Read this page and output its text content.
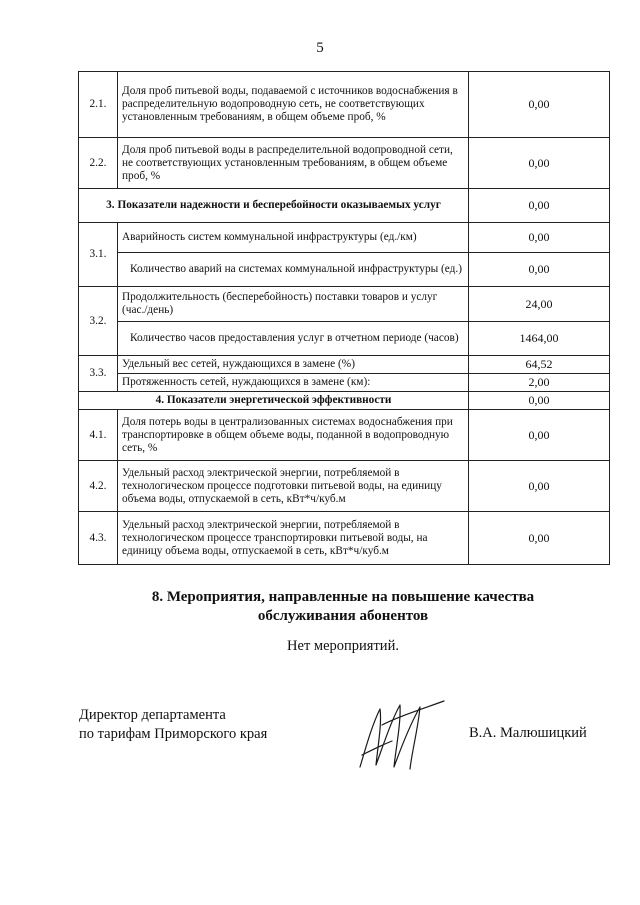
5
2.1.	Доля проб питьевой воды, подаваемой с источников водоснабжения в распределительную водопроводную сеть, не соответствующих установленным требованиям, в общем объеме проб, %	0,00
2.2.	Доля проб питьевой воды в распределительной водопроводной сети, не соответствующих установленным требованиям, в общем объеме проб, %	0,00
3. Показатели надежности и бесперебойности оказываемых услуг		0,00
3.1.	Аварийность систем коммунальной инфраструктуры (ед./км)	0,00
	Количество аварий на системах коммунальной инфраструктуры (ед.)	0,00
3.2.	Продолжительность (бесперебойность) поставки товаров и услуг (час./день)	24,00
	Количество часов предоставления услуг в отчетном периоде (часов)	1464,00
3.3.	Удельный вес сетей, нуждающихся в замене (%)	64,52
	Протяженность сетей, нуждающихся в замене (км):	2,00
4. Показатели энергетической эффективности		0,00
4.1.	Доля потерь воды в централизованных системах водоснабжения при транспортировке в общем объеме воды, поданной в водопроводную сеть, %	0,00
4.2.	Удельный расход электрической энергии, потребляемой в технологическом процессе подготовки питьевой воды, на единицу объема воды, отпускаемой в сеть, кВт*ч/куб.м	0,00
4.3.	Удельный расход электрической энергии, потребляемой в технологическом процессе транспортировки питьевой воды, на единицу объема воды, отпускаемой в сеть, кВт*ч/куб.м	0,00
8. Мероприятия, направленные на повышение качества
обслуживания абонентов
Нет мероприятий.
Директор департамента
по тарифам Приморского края	В.А. Малюшицкий
